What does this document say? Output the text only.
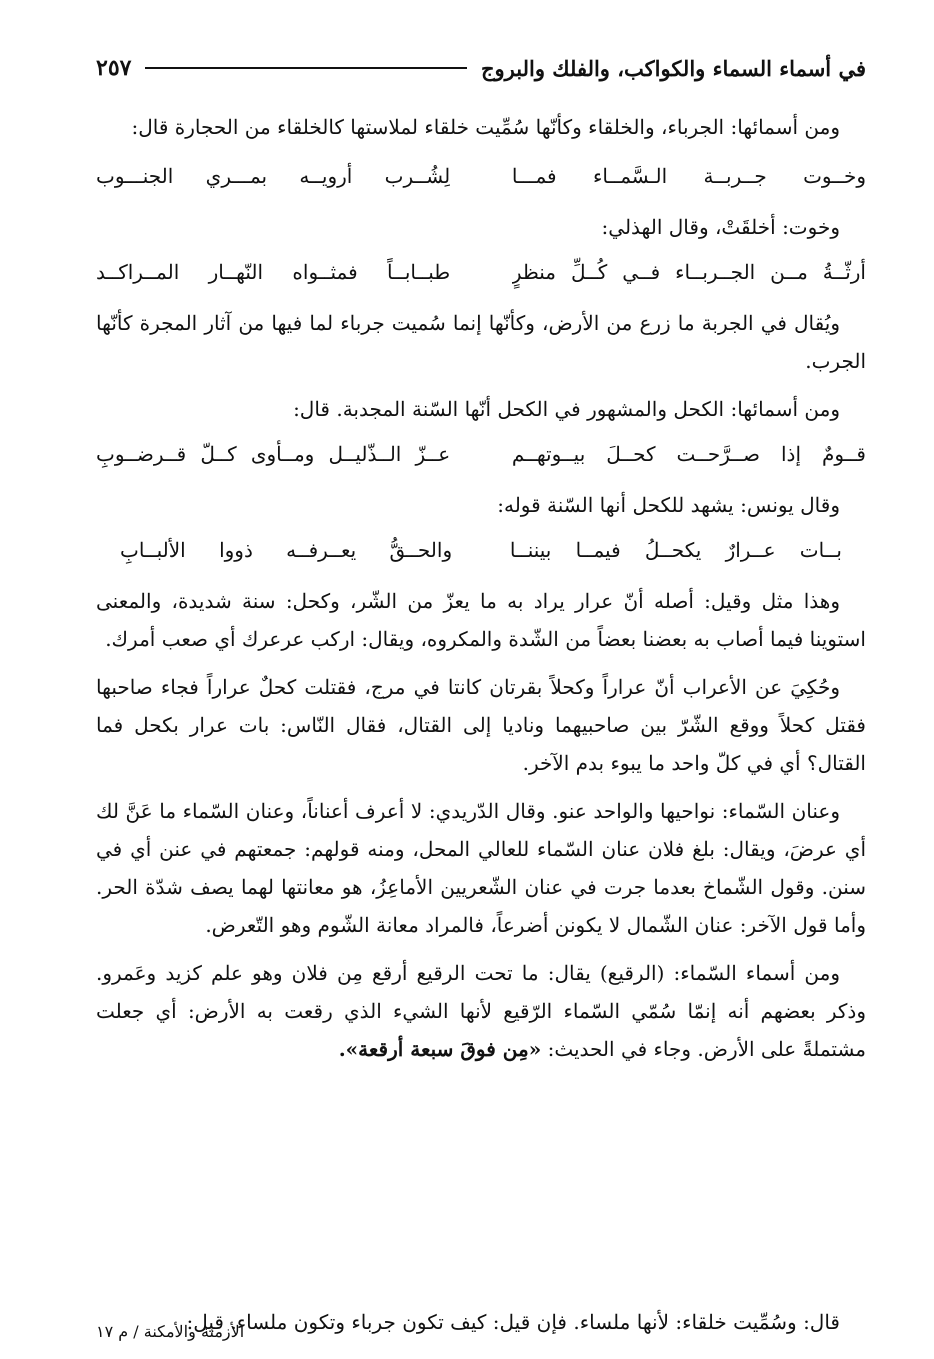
في أسماء السماء والكواكب، والفلك والبروج
٢٥٧

ومن أسمائها: الجرباء، والخلقاء وكأنّها سُمِّيت خلقاء لملاستها كالخلقاء من الحجارة قال:

وخــوت جــربــة الـسَّمــاء فمـــا
لِشُــرب أرويــه بمـــري الجنـــوب

وخوت: أخلقَتْ، وقال الهذلي:

أرثّــةُ مــن الجــربــاء فــي كُــلِّ منظرٍ
طبــابــاً فمثــواه النّهــار المــراكــد

ويُقال في الجربة ما زرع من الأرض، وكأنّها إنما سُميت جرباء لما فيها من آثار المجرة كأنّها الجرب.

ومن أسمائها: الكحل والمشهور في الكحل أنّها السّنة المجدبة. قال:

قــومٌ إذا صــرَّحــت كحــلَ بيــوتهــم
عــزّ الــذّليــل ومــأوى كــلّ قــرضــوبِ

وقال يونس: يشهد للكحل أنها السّنة قوله:

بــات عــرارٌ يكحــلُ فيمــا بيننــا
والحــقُّ يعــرفــه ذووا الألبــابِ

وهذا مثل وقيل: أصله أنّ عرار يراد به ما يعزّ من الشّر، وكحل: سنة شديدة، والمعنى استوينا فيما أصاب به بعضنا بعضاً من الشّدة والمكروه، ويقال: اركب عرعرك أي صعب أمرك.

وحُكِيَ عن الأعراب أنّ عراراً وكحلاً بقرتان كانتا في مرج، فقتلت كحلٌ عراراً فجاء صاحبها فقتل كحلاً ووقع الشّرّ بين صاحبيهما وناديا إلى القتال، فقال النّاس: بات عرار بكحل فما القتال؟ أي في كلّ واحد ما يبوء بدم الآخر.

وعنان السّماء: نواحيها والواحد عنو. وقال الدّريدي: لا أعرف أعناناً، وعنان السّماء ما عَنَّ لك أي عرضَ، ويقال: بلغ فلان عنان السّماء للعالي المحل، ومنه قولهم: جمعتهم في عنن أي في سنن. وقول الشّماخ بعدما جرت في عنان الشّعريين الأماعِزُ، هو معانتها لهما يصف شدّة الحر. وأما قول الآخر: عنان الشّمال لا يكونن أضرعاً، فالمراد معانة الشّوم وهو التّعرض.

ومن أسماء السّماء: (الرقيع) يقال: ما تحت الرقيع أرقع مِن فلان وهو علم كزيد وعَمرو. وذكر بعضهم أنه إنمّا سُمّي السّماء الرّقيع لأنها الشيء الذي رقعت به الأرض: أي جعلت مشتملةً على الأرض. وجاء في الحديث: «مِن فوقَ سبعة أرقعة».

قال: وسُمِّيت خلقاء: لأنها ملساء. فإن قيل: كيف تكون جرباء وتكون ملساء. قيل:

الأزمنة والأمكنة / م ١٧
